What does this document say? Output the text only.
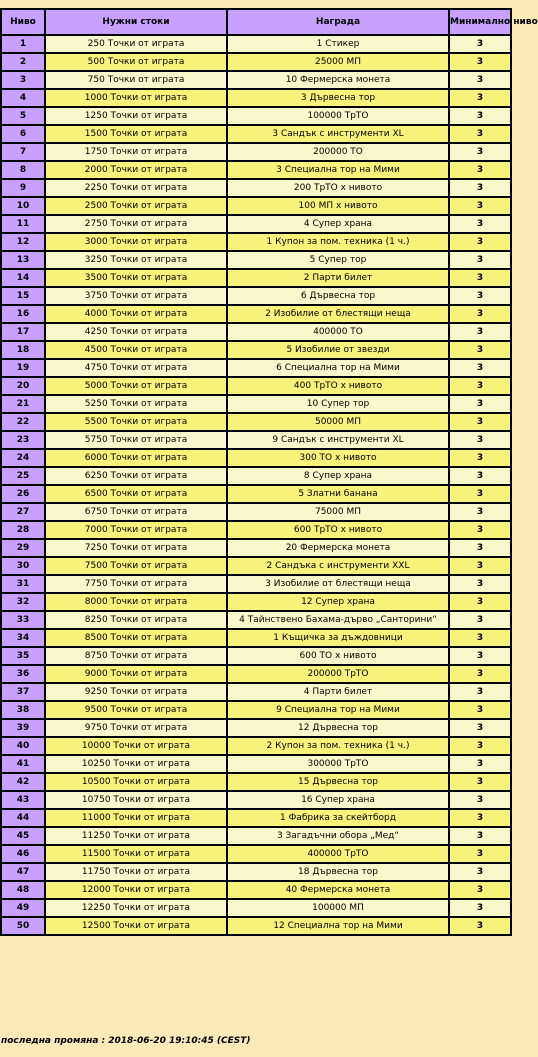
Ниво	Нужни стоки	Награда	Минимално ниво
1	250 Точки от играта	1 Стикер	3
2	500 Точки от играта	25000 МП	3
3	750 Точки от играта	10 Фермерска монета	3
4	1000 Точки от играта	3 Дървесна тор	3
5	1250 Точки от играта	100000 ТрТО	3
6	1500 Точки от играта	3 Сандък с инструменти XL	3
7	1750 Точки от играта	200000 ТО	3
8	2000 Точки от играта	3 Специална тор на Мими	3
9	2250 Точки от играта	200 ТрТО x нивото	3
10	2500 Точки от играта	100 МП x нивото	3
11	2750 Точки от играта	4 Супер храна	3
12	3000 Точки от играта	1 Купон за пом. техника (1 ч.)	3
13	3250 Точки от играта	5 Супер тор	3
14	3500 Точки от играта	2 Парти билет	3
15	3750 Точки от играта	6 Дървесна тор	3
16	4000 Точки от играта	2 Изобилие от блестящи неща	3
17	4250 Точки от играта	400000 ТО	3
18	4500 Точки от играта	5 Изобилие от звезди	3
19	4750 Точки от играта	6 Специална тор на Мими	3
20	5000 Точки от играта	400 ТрТО x нивото	3
21	5250 Точки от играта	10 Супер тор	3
22	5500 Точки от играта	50000 МП	3
23	5750 Точки от играта	9 Сандък с инструменти XL	3
24	6000 Точки от играта	300 ТО x нивото	3
25	6250 Точки от играта	8 Супер храна	3
26	6500 Точки от играта	5 Златни банана	3
27	6750 Точки от играта	75000 МП	3
28	7000 Точки от играта	600 ТрТО x нивото	3
29	7250 Точки от играта	20 Фермерска монета	3
30	7500 Точки от играта	2 Сандъка с инструменти XXL	3
31	7750 Точки от играта	3 Изобилие от блестящи неща	3
32	8000 Точки от играта	12 Супер храна	3
33	8250 Точки от играта	4 Тайнствено Бахама-дърво „Санторини“	3
34	8500 Точки от играта	1 Къщичка за дъждовници	3
35	8750 Точки от играта	600 ТО x нивото	3
36	9000 Точки от играта	200000 ТрТО	3
37	9250 Точки от играта	4 Парти билет	3
38	9500 Точки от играта	9 Специална тор на Мими	3
39	9750 Точки от играта	12 Дървесна тор	3
40	10000 Точки от играта	2 Купон за пом. техника (1 ч.)	3
41	10250 Точки от играта	300000 ТрТО	3
42	10500 Точки от играта	15 Дървесна тор	3
43	10750 Точки от играта	16 Супер храна	3
44	11000 Точки от играта	1 Фабрика за скейтборд	3
45	11250 Точки от играта	3 Загадъчни обора „Мед“	3
46	11500 Точки от играта	400000 ТрТО	3
47	11750 Точки от играта	18 Дървесна тор	3
48	12000 Точки от играта	40 Фермерска монета	3
49	12250 Точки от играта	100000 МП	3
50	12500 Точки от играта	12 Специална тор на Мими	3
последна промяна : 2018-06-20 19:10:45 (CEST)
